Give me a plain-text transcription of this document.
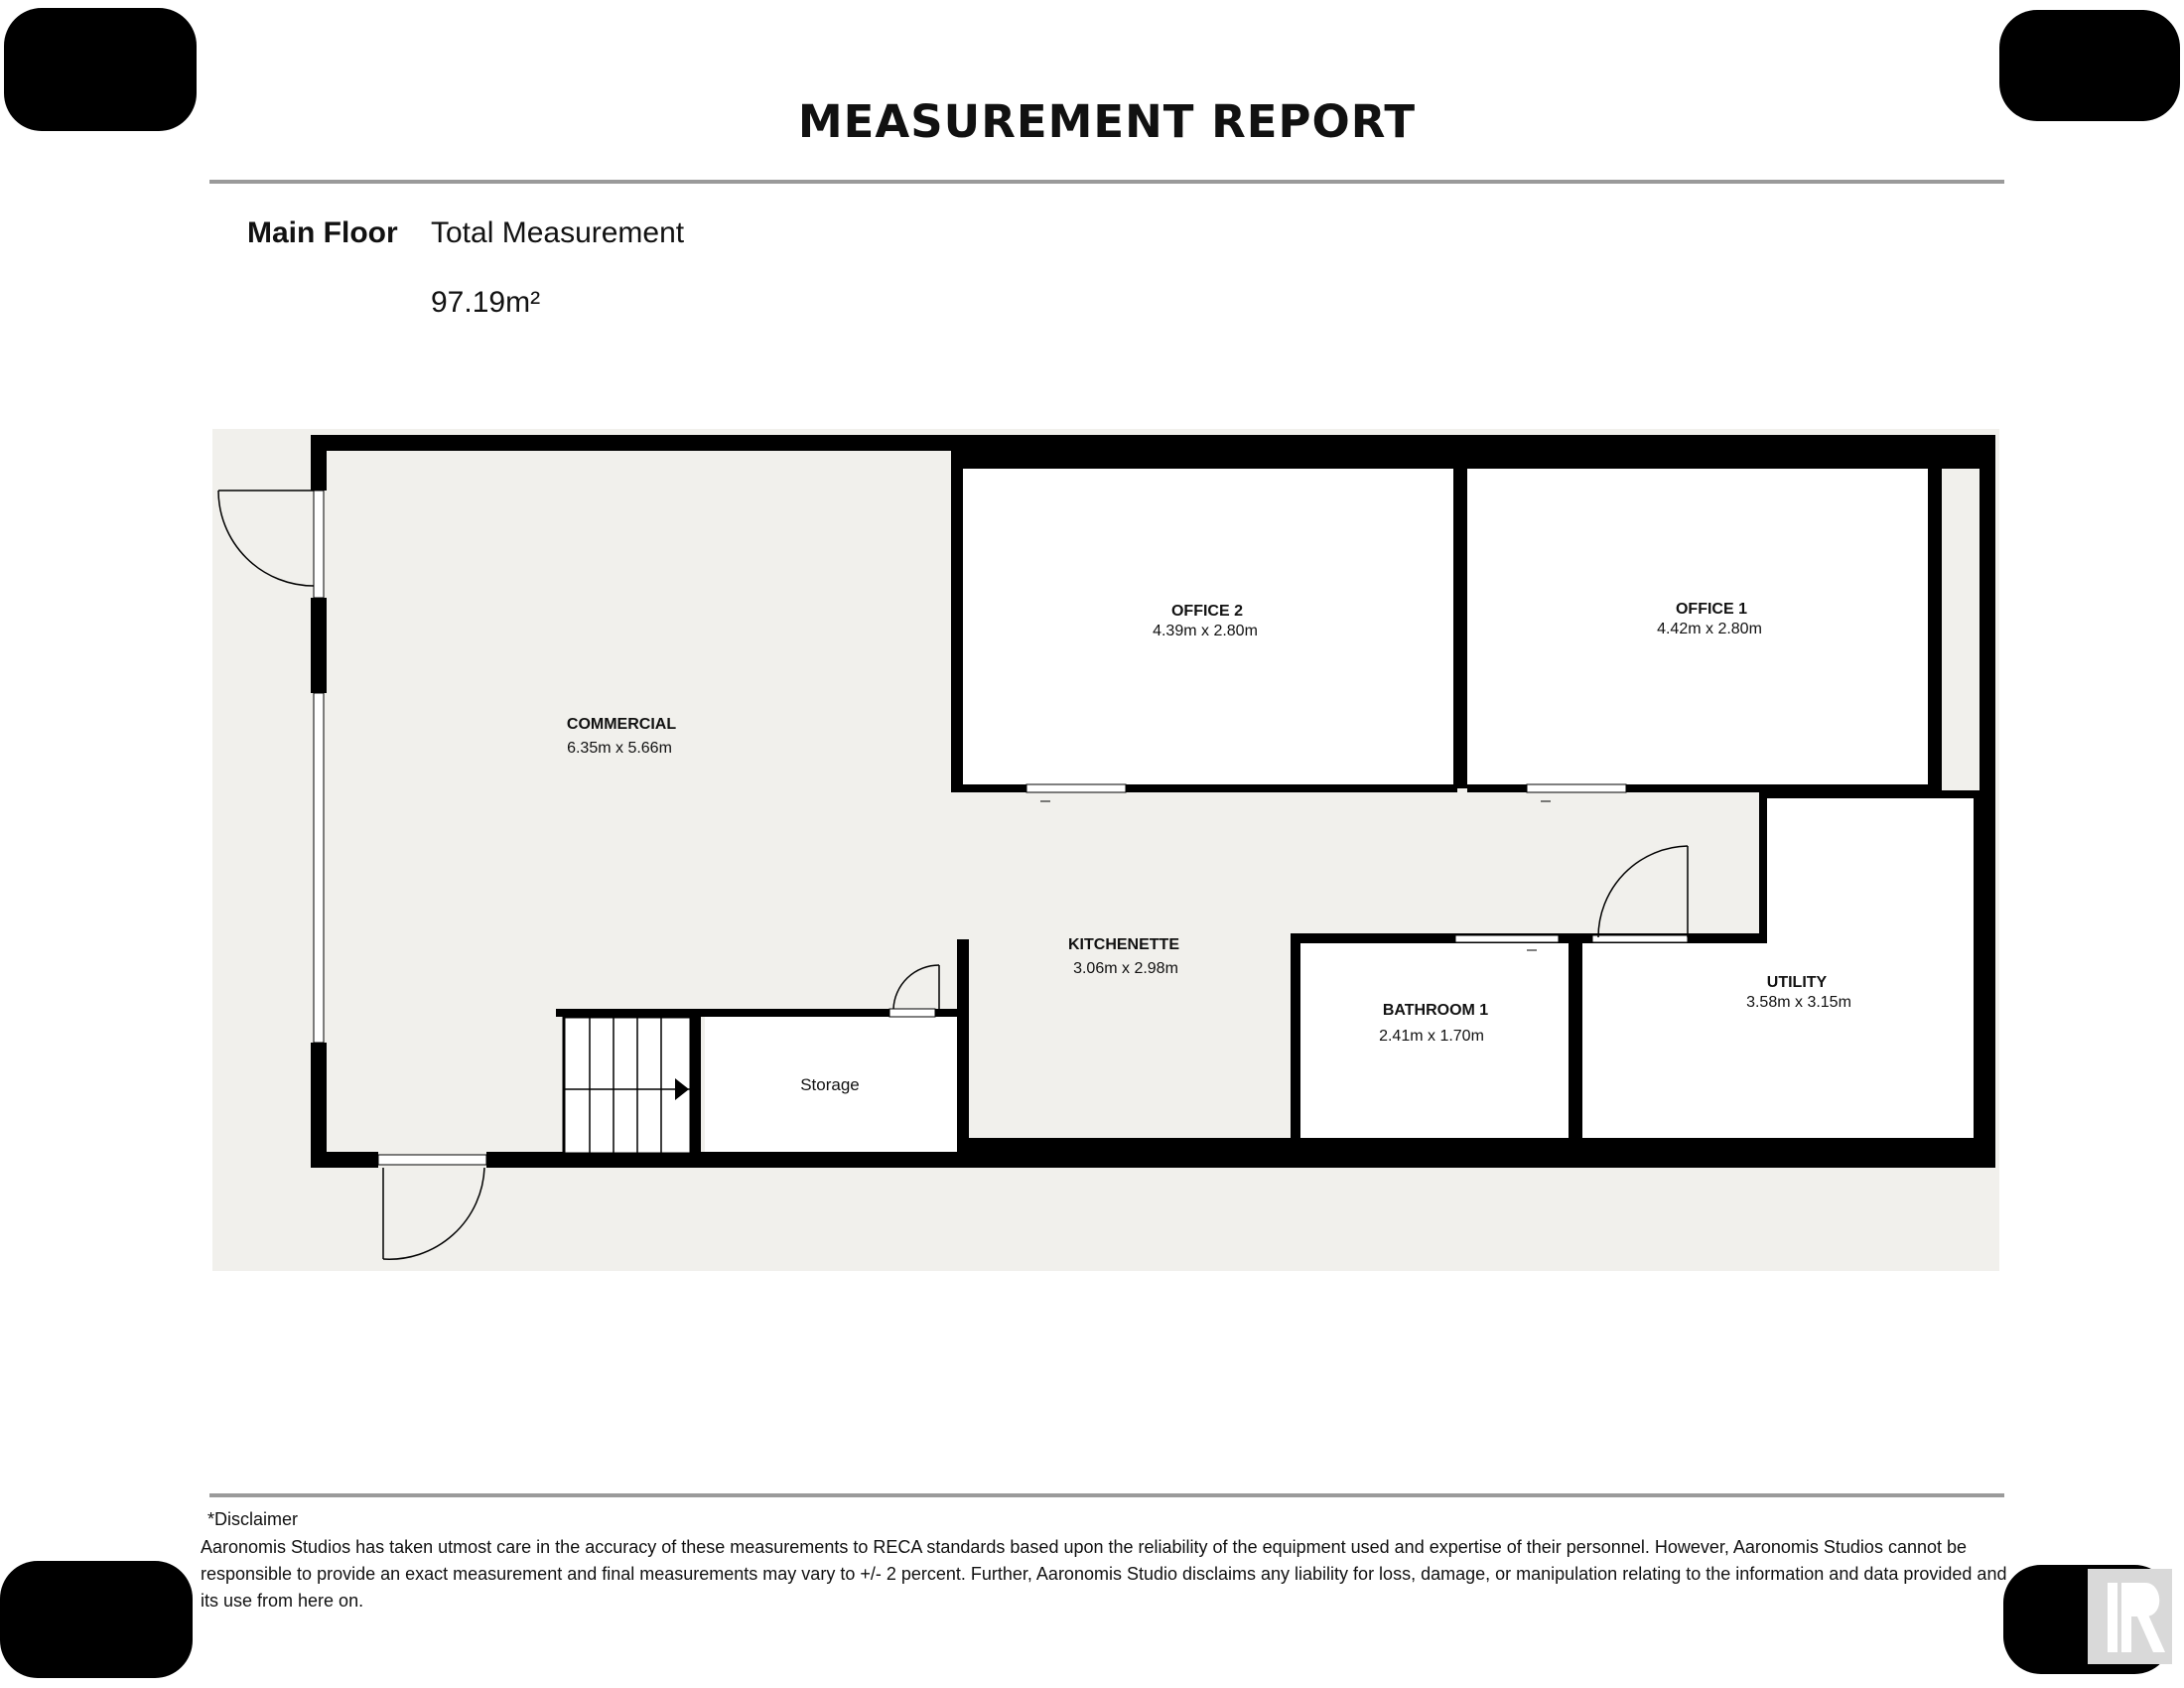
MEASUREMENT REPORT
Main Floor Total Measurement
97.19m²
COMMERCIAL
6.35m x 5.66m
OFFICE 2
4.39m x 2.80m
OFFICE 1
4.42m x 2.80m
KITCHENETTE
3.06m x 2.98m
BATHROOM 1
2.41m x 1.70m
UTILITY
3.58m x 3.15m
Storage
*Disclaimer
Aaronomis Studios has taken utmost care in the accuracy of these measurements to RECA standards based upon the reliability of the equipment used and expertise of their personnel. However, Aaronomis Studios cannot be responsible to provide an exact measurement and final measurements may vary to +/- 2 percent. Further, Aaronomis Studio disclaims any liability for loss, damage, or manipulation relating to the information and data provided and its use from here on.
